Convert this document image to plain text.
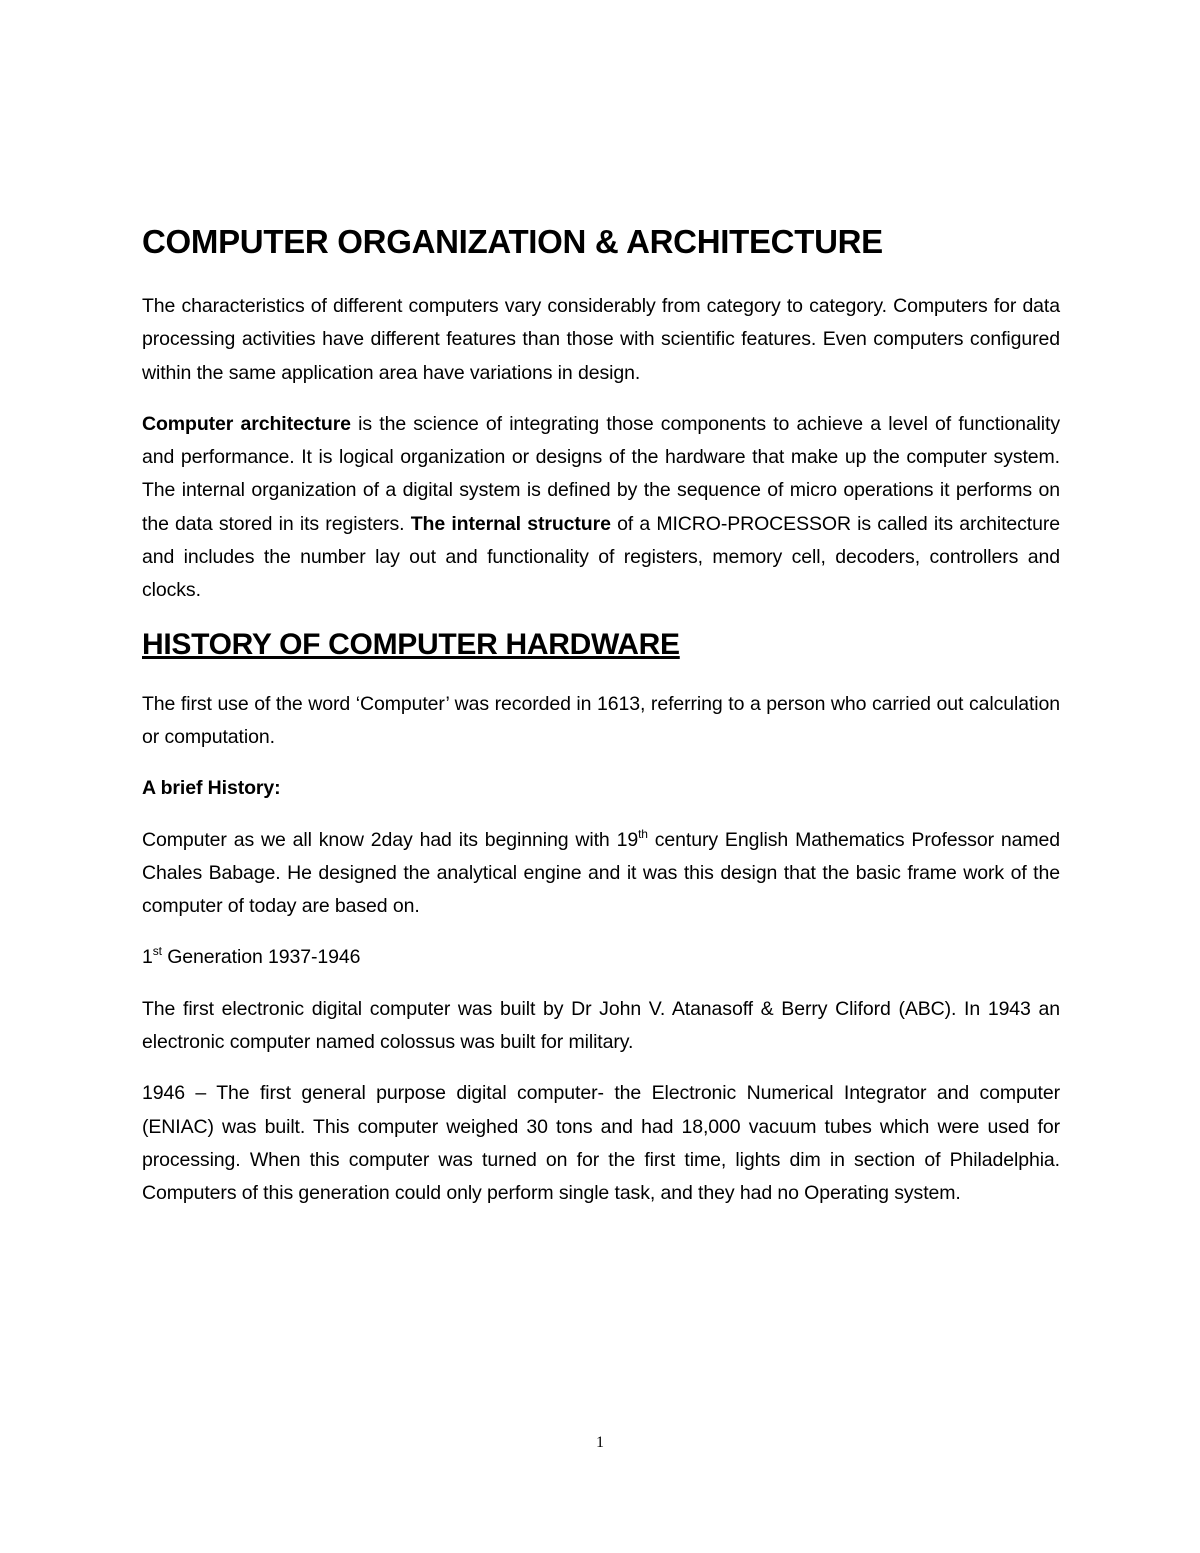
COMPUTER ORGANIZATION & ARCHITECTURE

The characteristics of different computers vary considerably from category to category. Computers for data processing activities have different features than those with scientific features. Even computers configured within the same application area have variations in design.

Computer architecture is the science of integrating those components to achieve a level of functionality and performance. It is logical organization or designs of the hardware that make up the computer system. The internal organization of a digital system is defined by the sequence of micro operations it performs on the data stored in its registers. The internal structure of a MICRO-PROCESSOR is called its architecture and includes the number lay out and functionality of registers, memory cell, decoders, controllers and clocks.

HISTORY OF COMPUTER HARDWARE

The first use of the word ‘Computer’ was recorded in 1613, referring to a person who carried out calculation or computation.

A brief History:

Computer as we all know 2day had its beginning with 19th century English Mathematics Professor named Chales Babage. He designed the analytical engine and it was this design that the basic frame work of the computer of today are based on.

1st Generation 1937-1946

The first electronic digital computer was built by Dr John V. Atanasoff & Berry Cliford (ABC). In 1943 an electronic computer named colossus was built for military.

1946 – The first general purpose digital computer- the Electronic Numerical Integrator and computer (ENIAC) was built. This computer weighed 30 tons and had 18,000 vacuum tubes which were used for processing. When this computer was turned on for the first time, lights dim in section of Philadelphia. Computers of this generation could only perform single task, and they had no Operating system.

1
